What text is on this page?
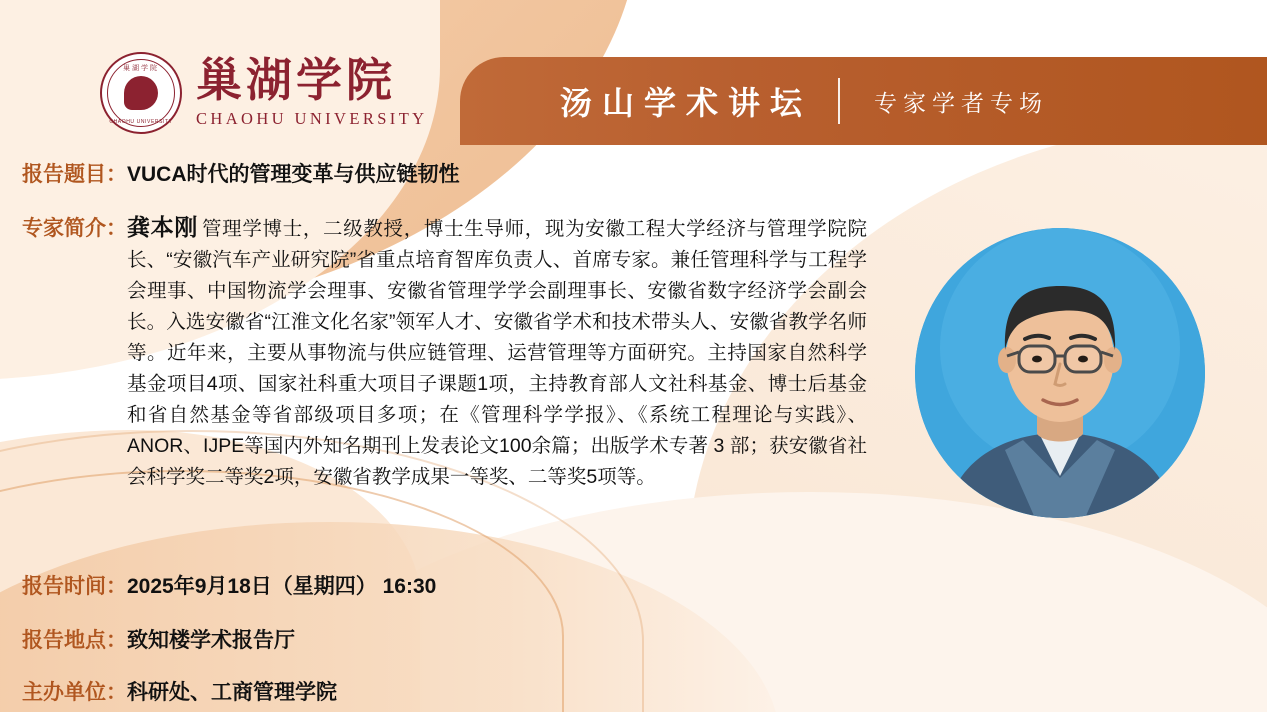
汤山学术讲坛	专家学者专场
巢湖学院
CHAOHU UNIVERSITY
巢湖学院
CHAOHU UNIVERSITY
报告题目： VUCA时代的管理变革与供应链韧性
专家简介： 龚本刚 管理学博士，二级教授，博士生导师，现为安徽工程大学经济与管理学院院长、“安徽汽车产业研究院”省重点培育智库负责人、首席专家。兼任管理科学与工程学会理事、中国物流学会理事、安徽省管理学学会副理事长、安徽省数字经济学会副会长。入选安徽省“江淮文化名家”领军人才、安徽省学术和技术带头人、安徽省教学名师等。近年来，主要从事物流与供应链管理、运营管理等方面研究。主持国家自然科学基金项目4项、国家社科重大项目子课题1项，主持教育部人文社科基金、博士后基金和省自然基金等省部级项目多项；在《管理科学学报》、《系统工程理论与实践》、ANOR、IJPE等国内外知名期刊上发表论文100余篇；出版学术专著 3 部；获安徽省社会科学奖二等奖2项，安徽省教学成果一等奖、二等奖5项等。
报告时间： 2025年9月18日（星期四） 16:30
报告地点： 致知楼学术报告厅
主办单位： 科研处、工商管理学院
